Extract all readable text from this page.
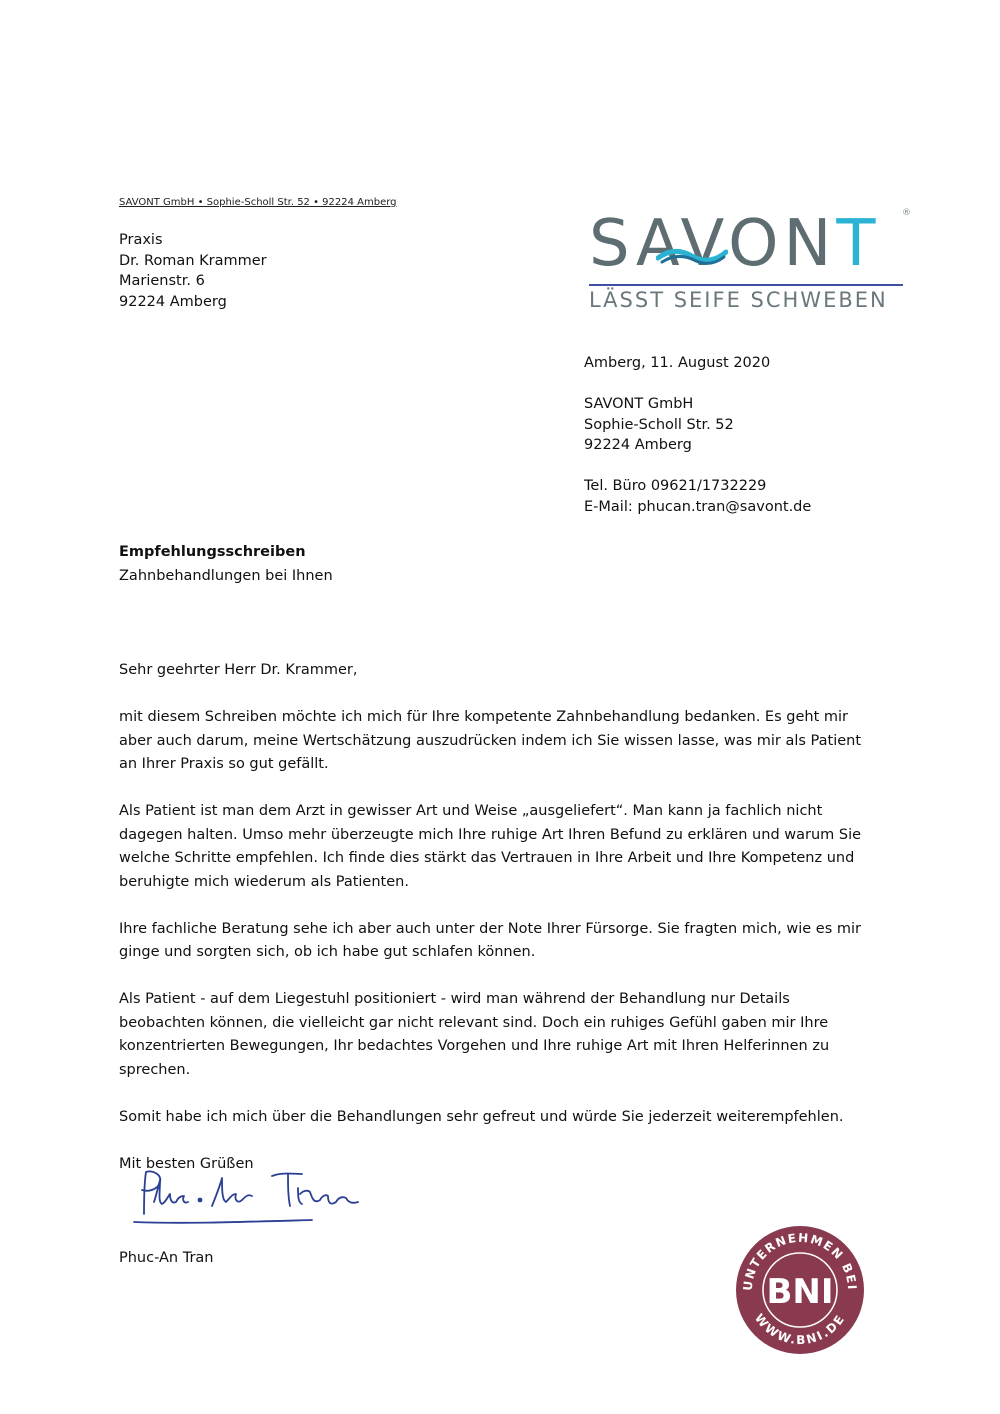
SAVONT GmbH • Sophie-Scholl Str. 52 • 92224 Amberg
Praxis
Dr. Roman Krammer
Marienstr. 6
92224 Amberg
SAVONT ®
LÄSST SEIFE SCHWEBEN
Amberg, 11. August 2020
SAVONT GmbH
Sophie-Scholl Str. 52
92224 Amberg
Tel. Büro 09621/1732229
E-Mail: phucan.tran@savont.de
Empfehlungsschreiben
Zahnbehandlungen bei Ihnen

Sehr geehrter Herr Dr. Krammer,

mit diesem Schreiben möchte ich mich für Ihre kompetente Zahnbehandlung bedanken. Es geht mir aber auch darum, meine Wertschätzung auszudrücken indem ich Sie wissen lasse, was mir als Patient an Ihrer Praxis so gut gefällt.

Als Patient ist man dem Arzt in gewisser Art und Weise „ausgeliefert“. Man kann ja fachlich nicht dagegen halten. Umso mehr überzeugte mich Ihre ruhige Art Ihren Befund zu erklären und warum Sie welche Schritte empfehlen. Ich finde dies stärkt das Vertrauen in Ihre Arbeit und Ihre Kompetenz und beruhigte mich wiederum als Patienten.

Ihre fachliche Beratung sehe ich aber auch unter der Note Ihrer Fürsorge. Sie fragten mich, wie es mir ginge und sorgten sich, ob ich habe gut schlafen können.

Als Patient - auf dem Liegestuhl positioniert - wird man während der Behandlung nur Details beobachten können, die vielleicht gar nicht relevant sind. Doch ein ruhiges Gefühl gaben mir Ihre konzentrierten Bewegungen, Ihr bedachtes Vorgehen und Ihre ruhige Art mit Ihren Helferinnen zu sprechen.

Somit habe ich mich über die Behandlungen sehr gefreut und würde Sie jederzeit weiterempfehlen.

Mit besten Grüßen

Phuc-An Tran
UNTERNEHMEN BEI
WWW.BNI.DE
BNI
